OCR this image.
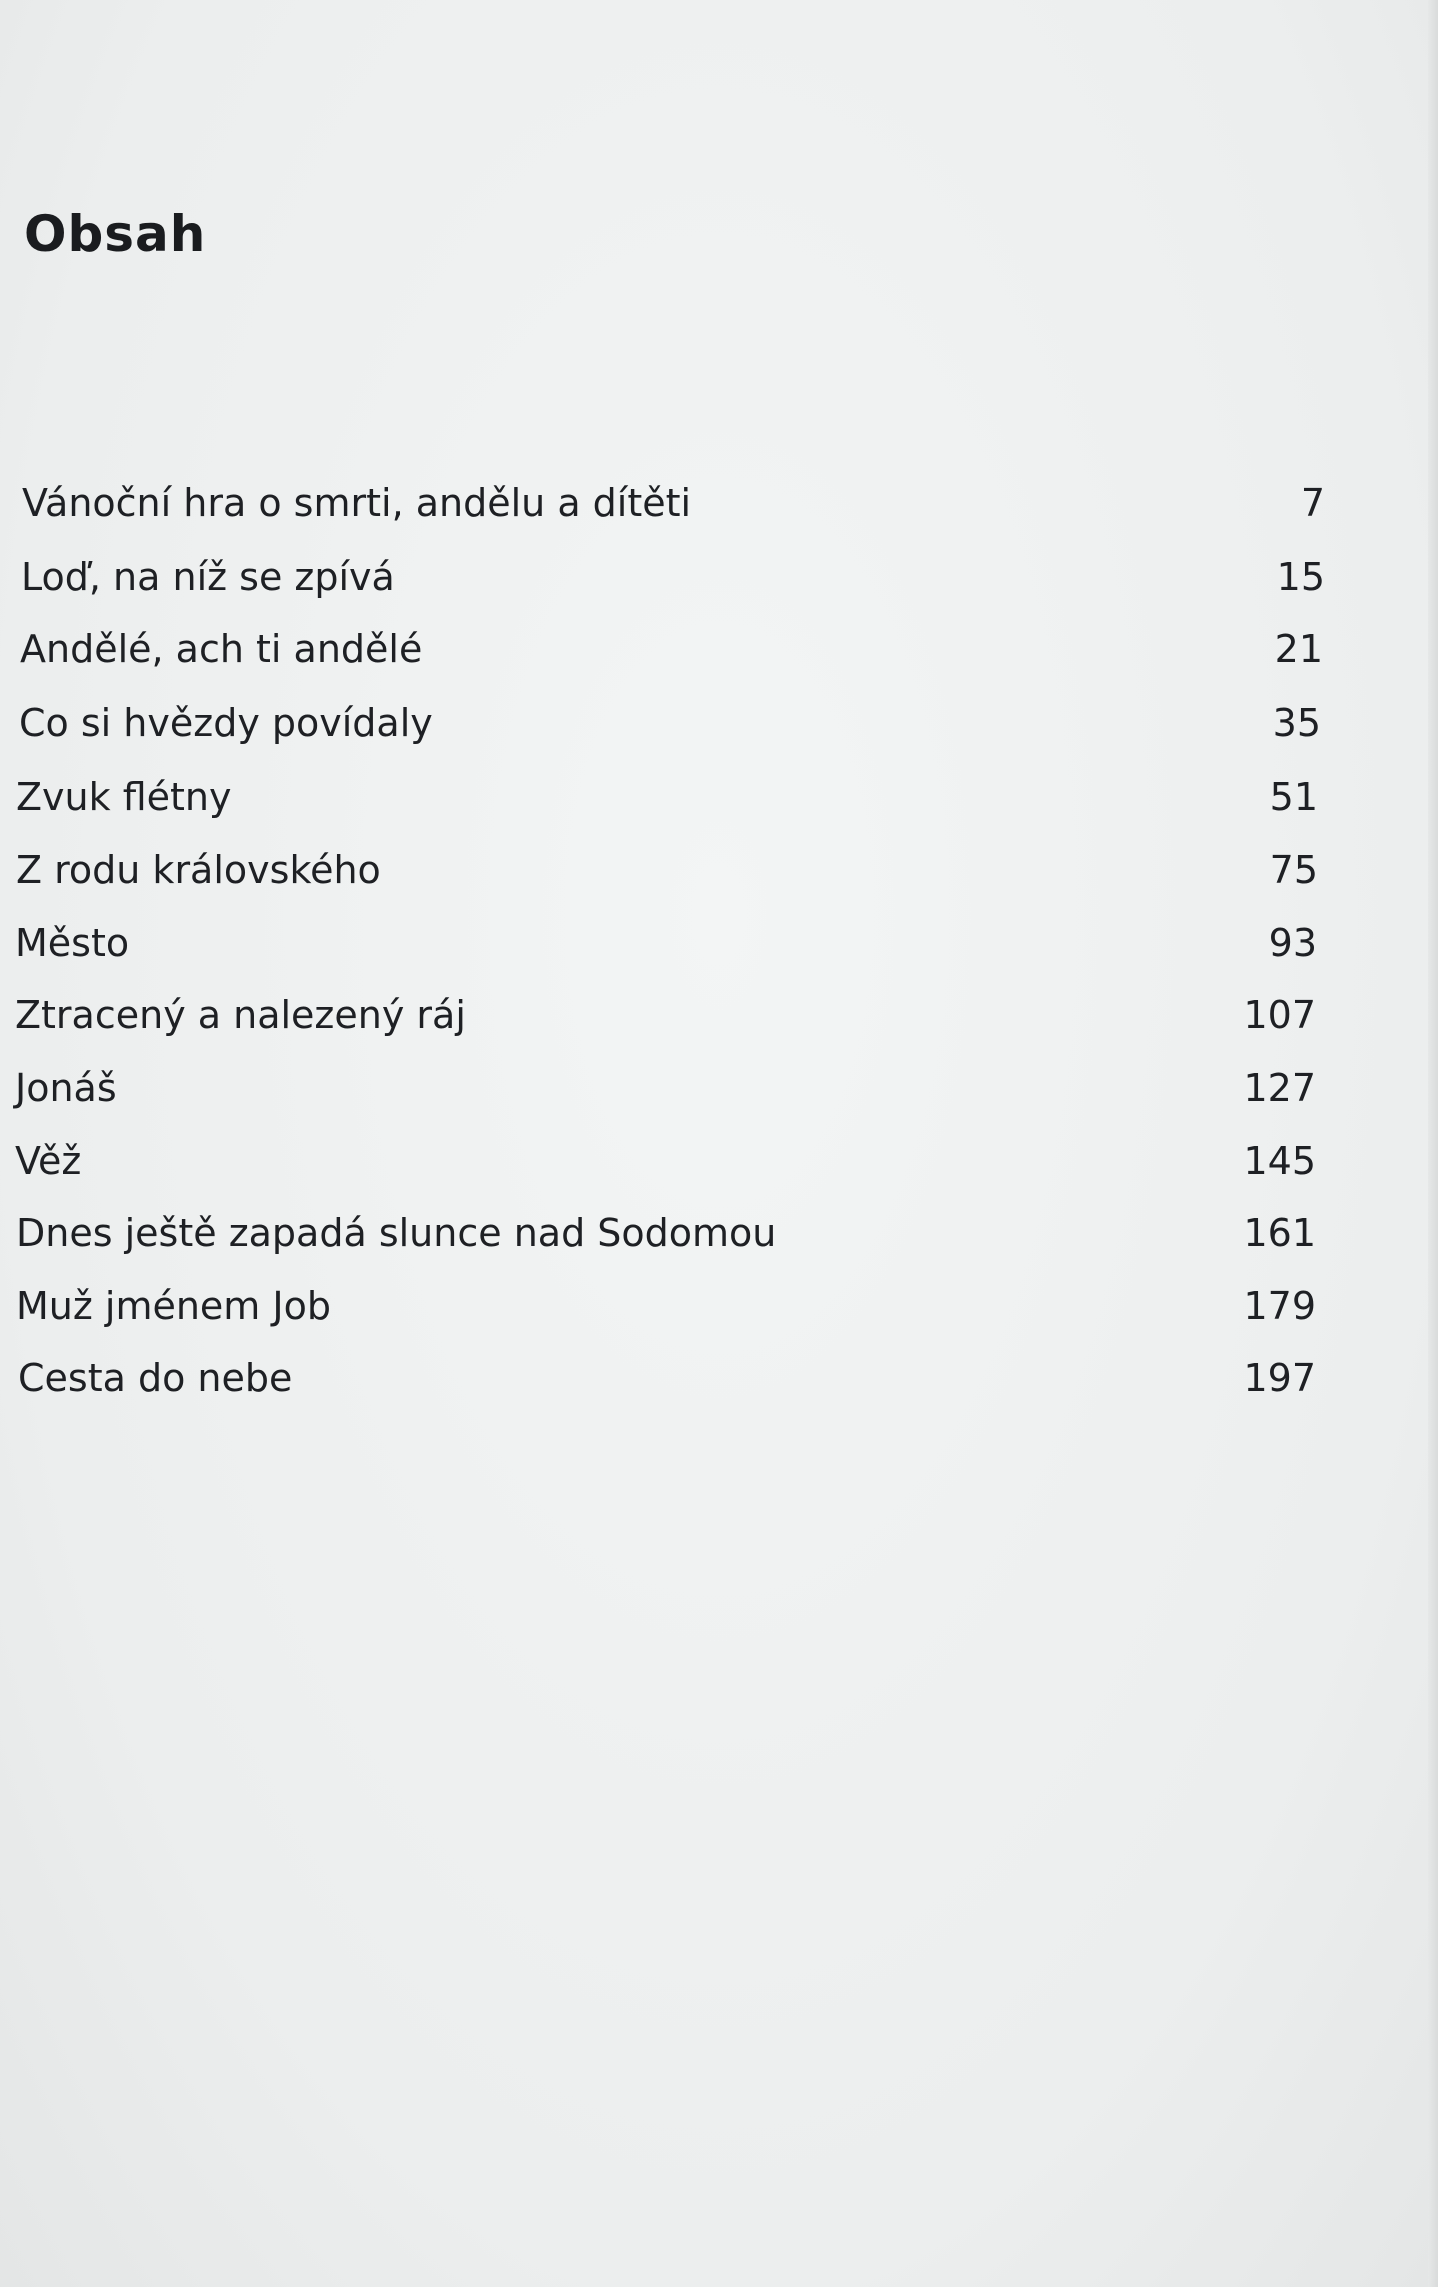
Obsah
Vánoční hra o smrti, andělu a dítěti	7
Loď, na níž se zpívá	15
Andělé, ach ti andělé	21
Co si hvězdy povídaly	35
Zvuk flétny	51
Z rodu královského	75
Město	93
Ztracený a nalezený ráj	107
Jonáš	127
Věž	145
Dnes ještě zapadá slunce nad Sodomou	161
Muž jménem Job	179
Cesta do nebe	197
